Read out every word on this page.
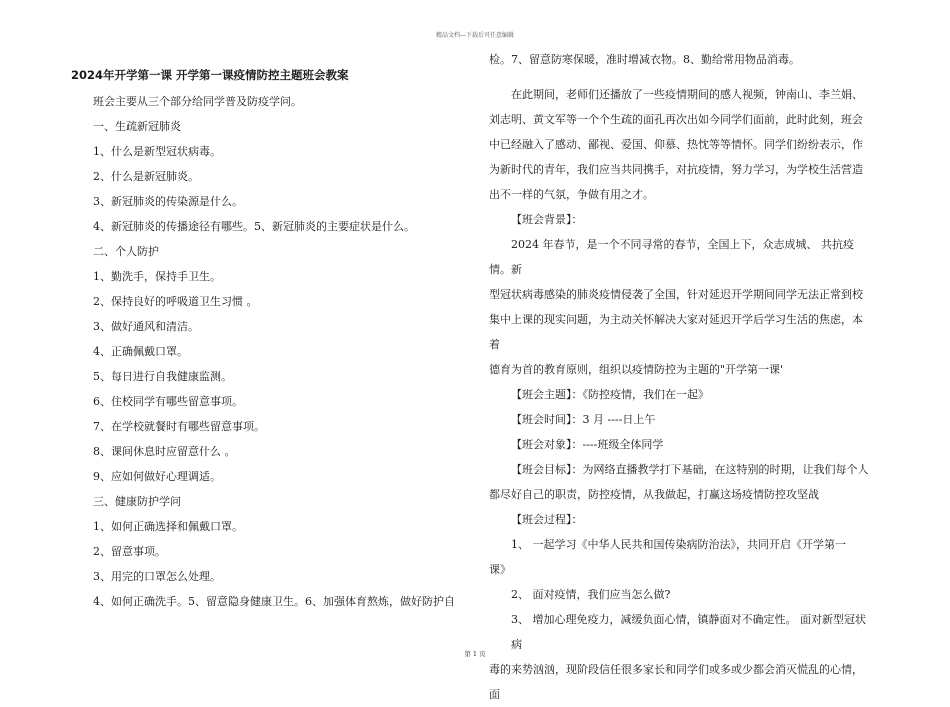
精品文档---下载后可任意编辑
2024年开学第一课 开学第一课疫情防控主题班会教案
班会主要从三个部分给同学普及防疫学问。
一、生疏新冠肺炎
1、什么是新型冠状病毒。
2、什么是新冠肺炎。
3、新冠肺炎的传染源是什么。
4、新冠肺炎的传播途径有哪些。5、新冠肺炎的主要症状是什么。
二、个人防护
1、勤洗手，保持手卫生。
2、保持良好的呼吸道卫生习惯 。
3、做好通风和清洁。
4、正确佩戴口罩。
5、每日进行自我健康监测。
6、住校同学有哪些留意事项。
7、在学校就餐时有哪些留意事项。
8、课间休息时应留意什么 。
9、应如何做好心理调适。
三、健康防护学问
1、如何正确选择和佩戴口罩。
2、留意事项。
3、用完的口罩怎么处理。
4、如何正确洗手。5、留意隐身健康卫生。6、加强体育熬炼，做好防护自
检。7、留意防寒保暖，准时增减衣物。8、勤给常用物品消毒。
在此期间，老师们还播放了一些疫情期间的感人视频，钟南山、李兰娟、
刘志明、黄文军等一个个生疏的面孔再次出如今同学们面前，此时此刻，班会
中已经融入了感动、鄙视、爱国、仰慕、热忱等等情怀。同学们纷纷表示，作
为新时代的青年，我们应当共同携手，对抗疫情，努力学习，为学校生活营造
出不一样的气氛，争做有用之才。
【班会背景】：
2024 年春节，是一个不同寻常的春节，全国上下，众志成城、 共抗疫情。新
型冠状病毒感染的肺炎疫情侵袭了全国，针对延迟开学期间同学无法正常到校
集中上课的现实问题，为主动关怀解决大家对延迟开学后学习生活的焦虑，本着
德育为首的教育原则，组织以疫情防控为主题的"开学第一课'
【班会主题】：《防控疫情，我们在一起》
【班会时间】：3 月 ----日上午
【班会对象】：----班级全体同学
【班会目标】：为网络直播教学打下基础，在这特别的时期，让我们每个人
都尽好自己的职责，防控疫情，从我做起，打赢这场疫情防控攻坚战
【班会过程】：
1、 一起学习《中华人民共和国传染病防治法》，共同开启《开学第一
课》
2、 面对疫情，我们应当怎么做?
3、 增加心理免疫力，减缓负面心情，镇静面对不确定性。 面对新型冠状病
毒的来势汹汹，现阶段信任很多家长和同学们或多或少都会消灭慌乱的心情，面
第 1 页
